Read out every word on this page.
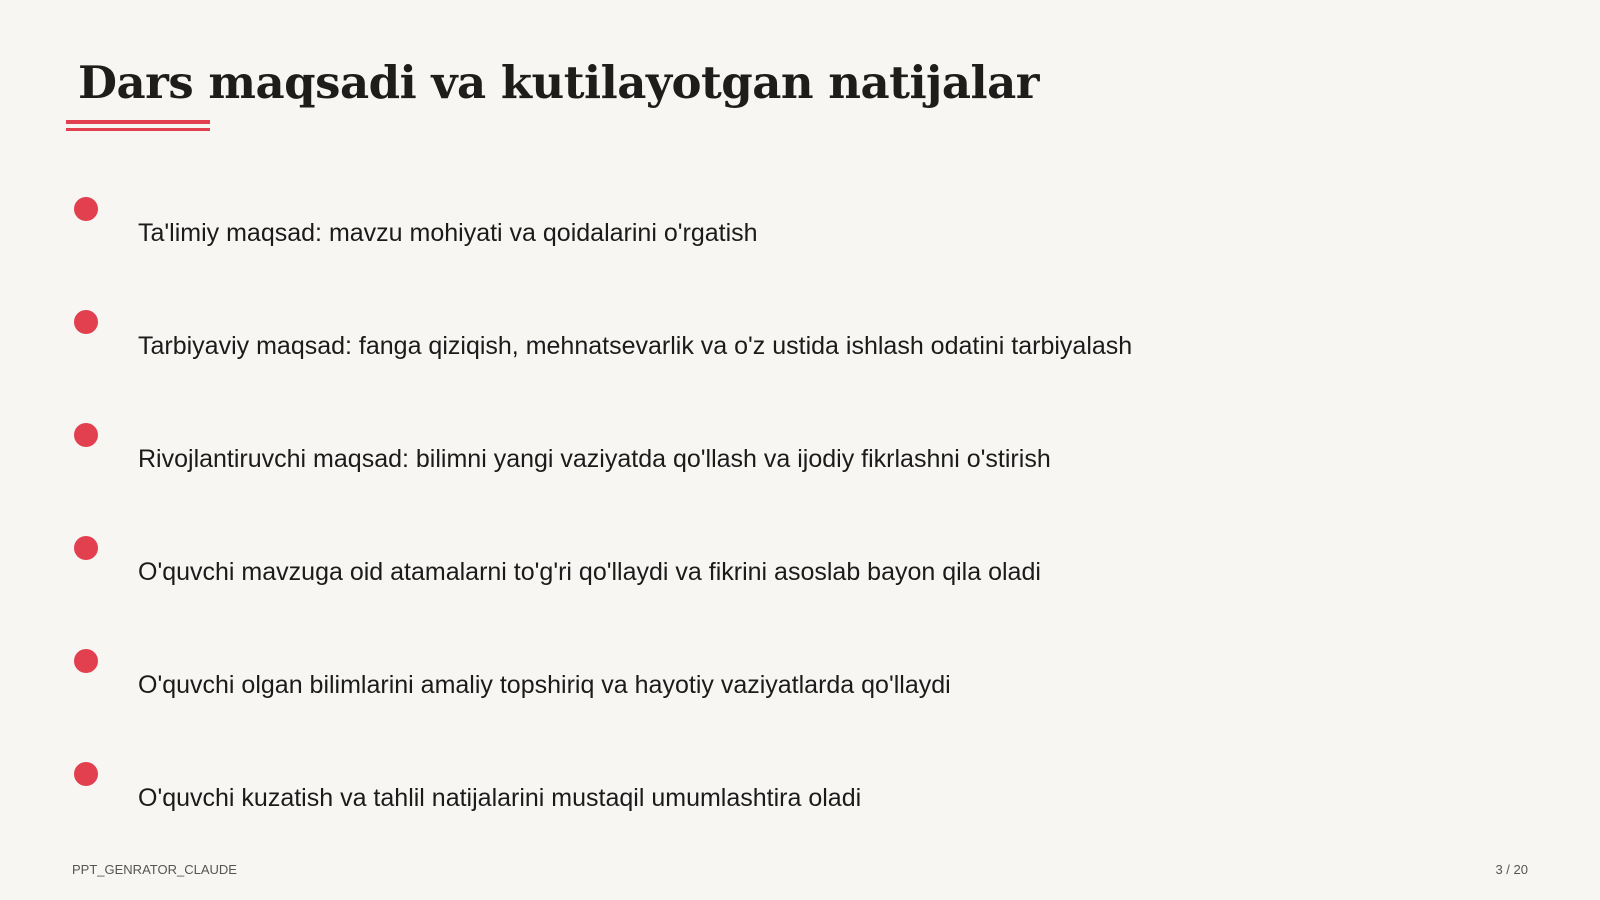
Dars maqsadi va kutilayotgan natijalar
Ta'limiy maqsad: mavzu mohiyati va qoidalarini o'rgatish
Tarbiyaviy maqsad: fanga qiziqish, mehnatsevarlik va o'z ustida ishlash odatini tarbiyalash
Rivojlantiruvchi maqsad: bilimni yangi vaziyatda qo'llash va ijodiy fikrlashni o'stirish
O'quvchi mavzuga oid atamalarni to'g'ri qo'llaydi va fikrini asoslab bayon qila oladi
O'quvchi olgan bilimlarini amaliy topshiriq va hayotiy vaziyatlarda qo'llaydi
O'quvchi kuzatish va tahlil natijalarini mustaqil umumlashtira oladi
PPT_GENRATOR_CLAUDE	3 / 20
